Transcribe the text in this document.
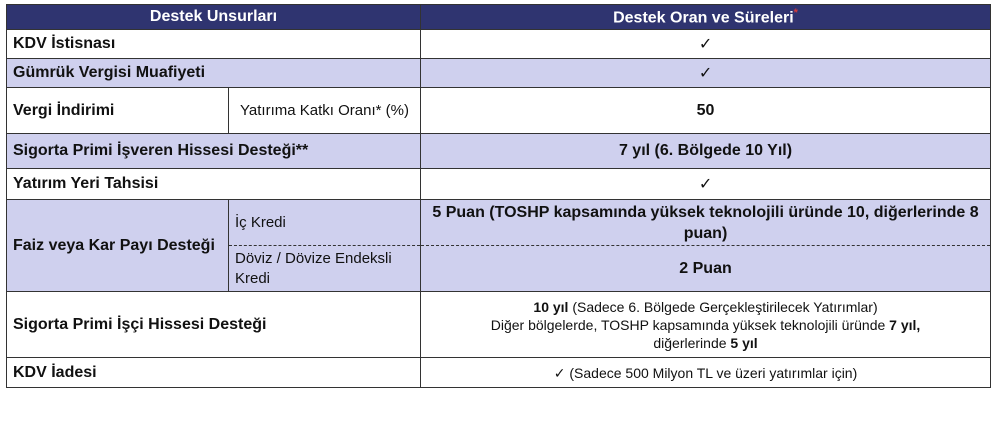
Destek Unsurları		Destek Oran ve Süreleri*
KDV İstisnası		✓
Gümrük Vergisi Muafiyeti		✓
Vergi İndirimi	Yatırıma Katkı Oranı* (%)	50
Sigorta Primi İşveren Hissesi Desteği**		7 yıl (6. Bölgede 10 Yıl)
Yatırım Yeri Tahsisi		✓
Faiz veya Kar Payı Desteği	İç Kredi	5 Puan (TOSHP kapsamında yüksek teknolojili üründe 10, diğerlerinde 8 puan)
	Döviz / Dövize Endeksli Kredi	2 Puan
Sigorta Primi İşçi Hissesi Desteği		10 yıl (Sadece 6. Bölgede Gerçekleştirilecek Yatırımlar)
Diğer bölgelerde, TOSHP kapsamında yüksek teknolojili üründe 7 yıl,
diğerlerinde 5 yıl

KDV İadesi		✓ (Sadece 500 Milyon TL ve üzeri yatırımlar için)
